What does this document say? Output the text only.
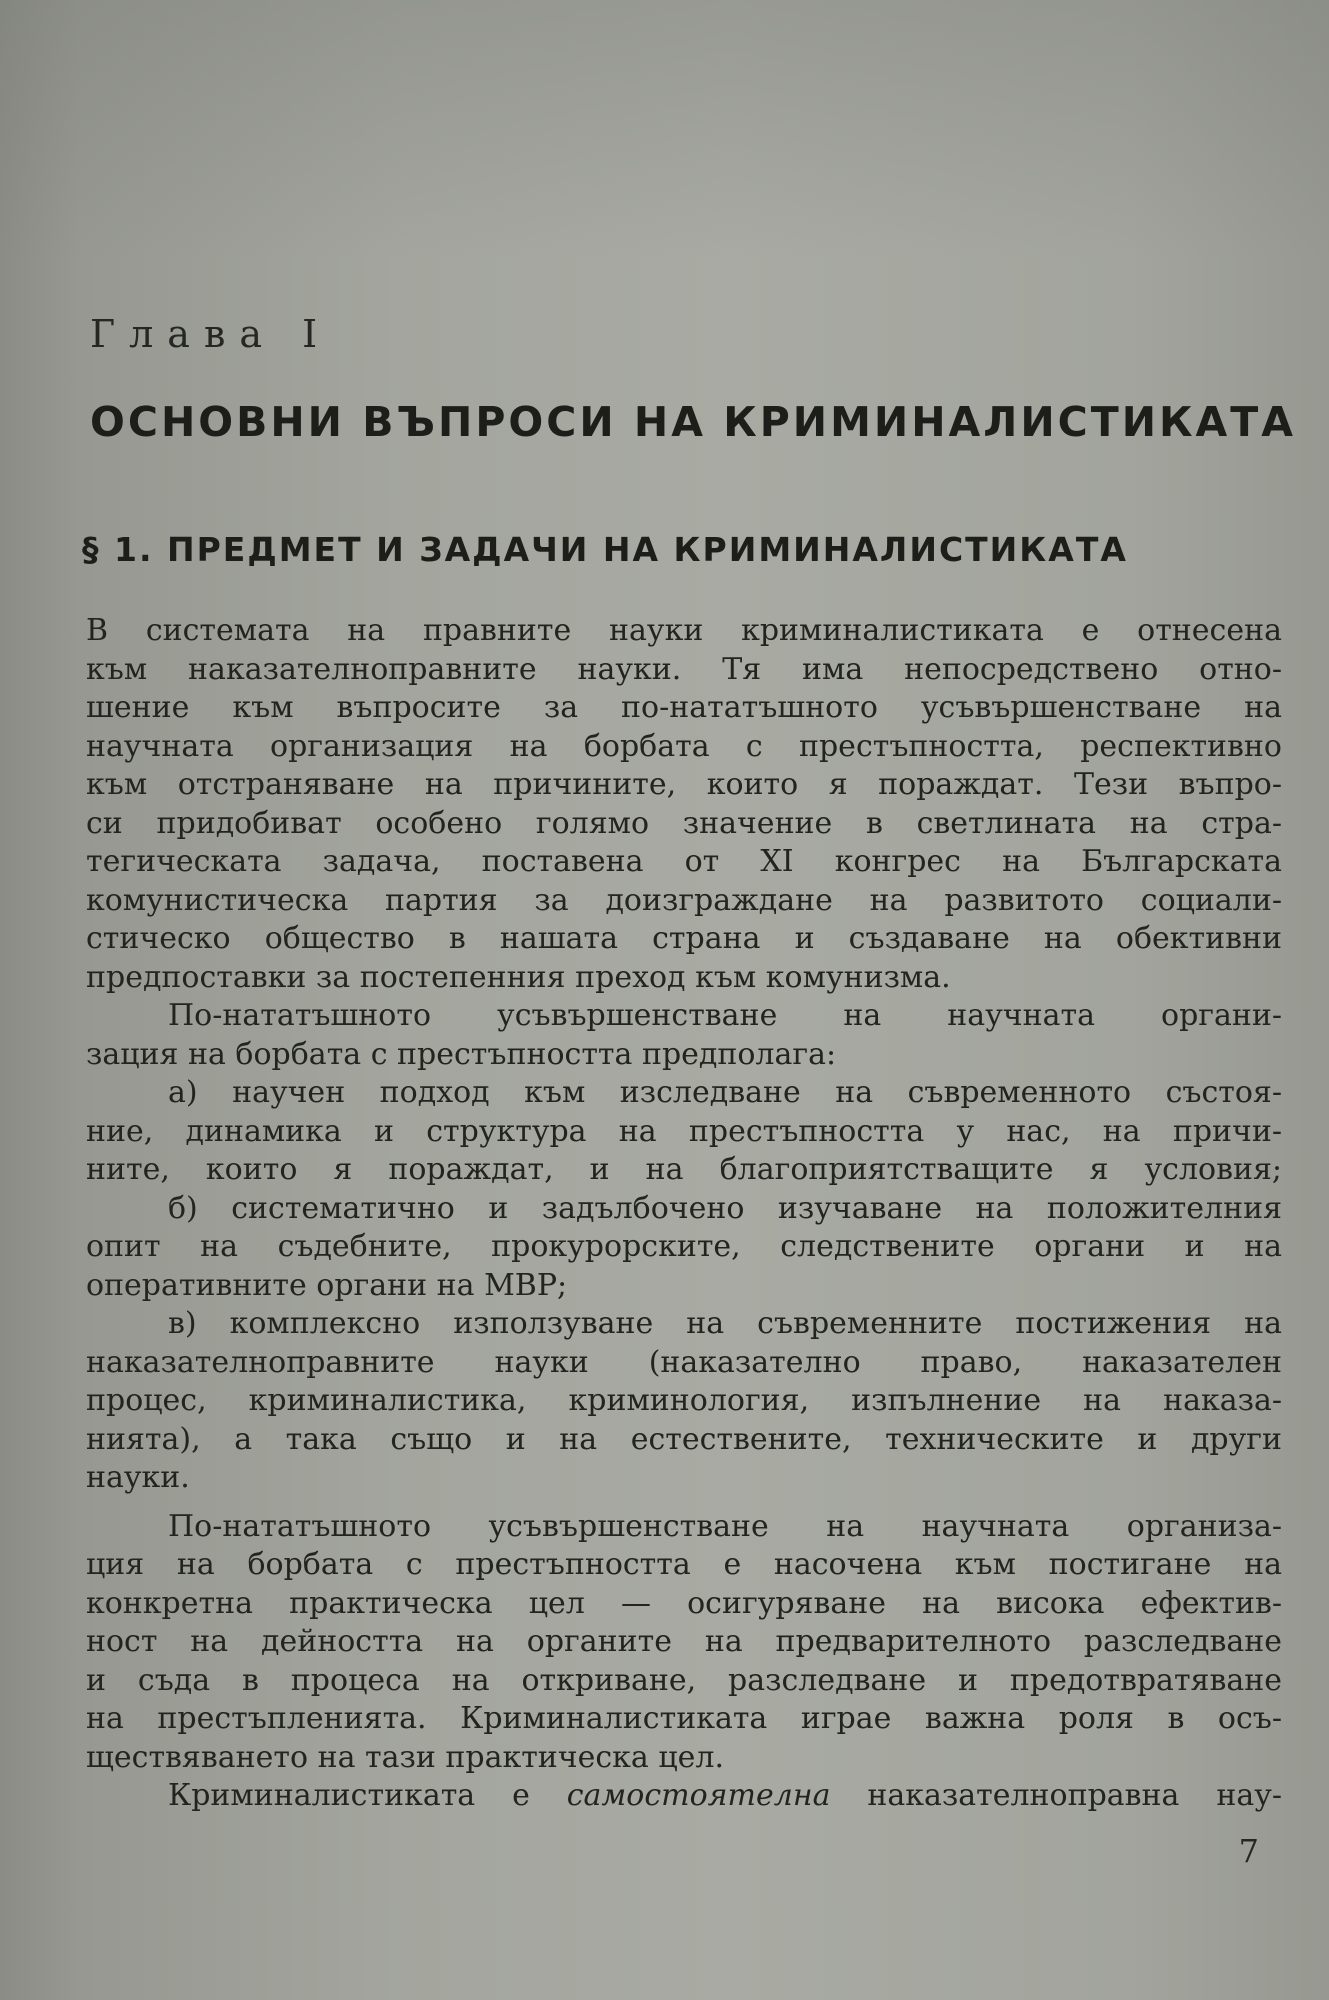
Глава I
ОСНОВНИ ВЪПРОСИ НА КРИМИНАЛИСТИКАТА
§ 1. ПРЕДМЕТ И ЗАДАЧИ НА КРИМИНАЛИСТИКАТА
В системата на правните науки криминалистиката е отнесена
към наказателноправните науки. Тя има непосредствено отно-
шение към въпросите за по-нататъшното усъвършенстване на
научната организация на борбата с престъпността, респективно
към отстраняване на причините, които я пораждат. Тези въпро-
си придобиват особено голямо значение в светлината на стра-
тегическата задача, поставена от XI конгрес на Българската
комунистическа партия за доизграждане на развитото социали-
стическо общество в нашата страна и създаване на обективни
предпоставки за постепенния преход към комунизма.
По-нататъшното усъвършенстване на научната органи-
зация на борбата с престъпността предполага:
а) научен подход към изследване на съвременното състоя-
ние, динамика и структура на престъпността у нас, на причи-
ните, които я пораждат, и на благоприятстващите я условия;
б) систематично и задълбочено изучаване на положителния
опит на съдебните, прокурорските, следствените органи и на
оперативните органи на МВР;
в) комплексно използуване на съвременните постижения на
наказателноправните науки (наказателно право, наказателен
процес, криминалистика, криминология, изпълнение на наказа-
нията), а така също и на естествените, техническите и други
науки.
По-нататъшното усъвършенстване на научната организа-
ция на борбата с престъпността е насочена към постигане на
конкретна практическа цел — осигуряване на висока ефектив-
ност на дейността на органите на предварителното разследване
и съда в процеса на откриване, разследване и предотвратяване
на престъпленията. Криминалистиката играе важна роля в осъ-
ществяването на тази практическа цел.
Криминалистиката е самостоятелна наказателноправна нау-
7
